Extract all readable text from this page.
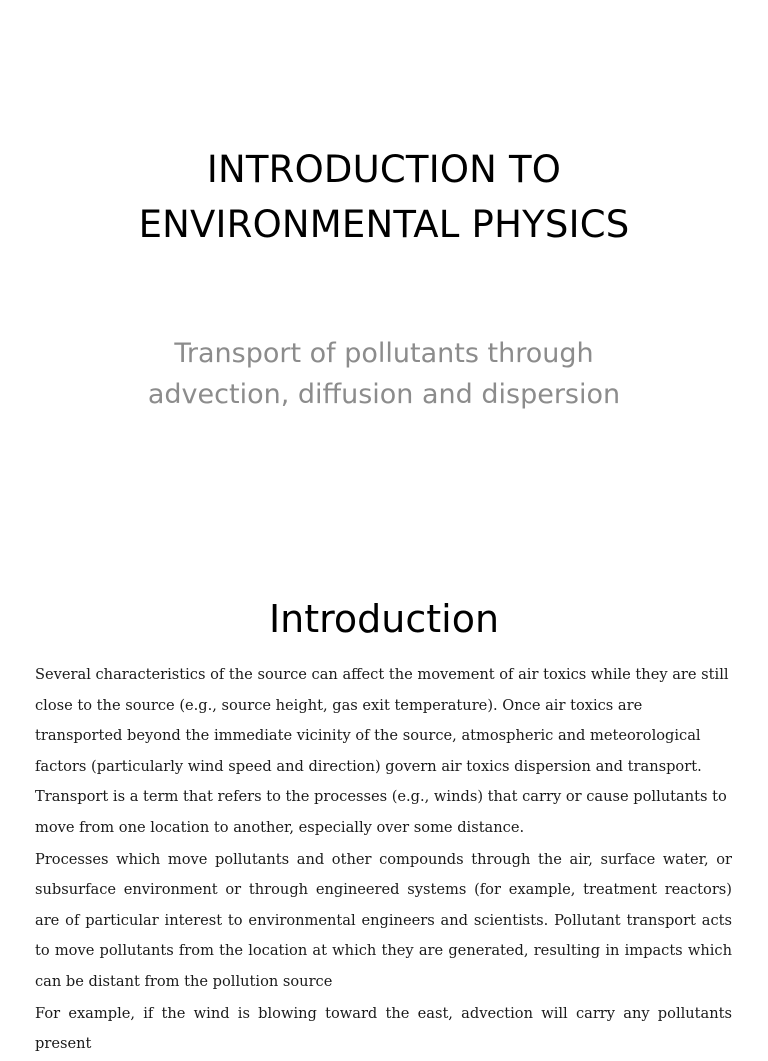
INTRODUCTION TO
ENVIRONMENTAL PHYSICS
Transport of pollutants through
advection, diffusion and dispersion
Introduction

Several characteristics of the source can affect the movement of air toxics while they are still close to the source (e.g., source height, gas exit temperature). Once air toxics are transported beyond the immediate vicinity of the source, atmospheric and meteorological factors (particularly wind speed and direction) govern air toxics dispersion and transport. Transport is a term that refers to the processes (e.g., winds) that carry or cause pollutants to move from one location to another, especially over some distance.

Processes which move pollutants and other compounds through the air, surface water, or subsurface environment or through engineered systems (for example, treatment reactors) are of particular interest to environmental engineers and scientists. Pollutant transport acts to move pollutants from the location at which they are generated, resulting in impacts which can be distant from the pollution source

For example, if the wind is blowing toward the east, advection will carry any pollutants present
